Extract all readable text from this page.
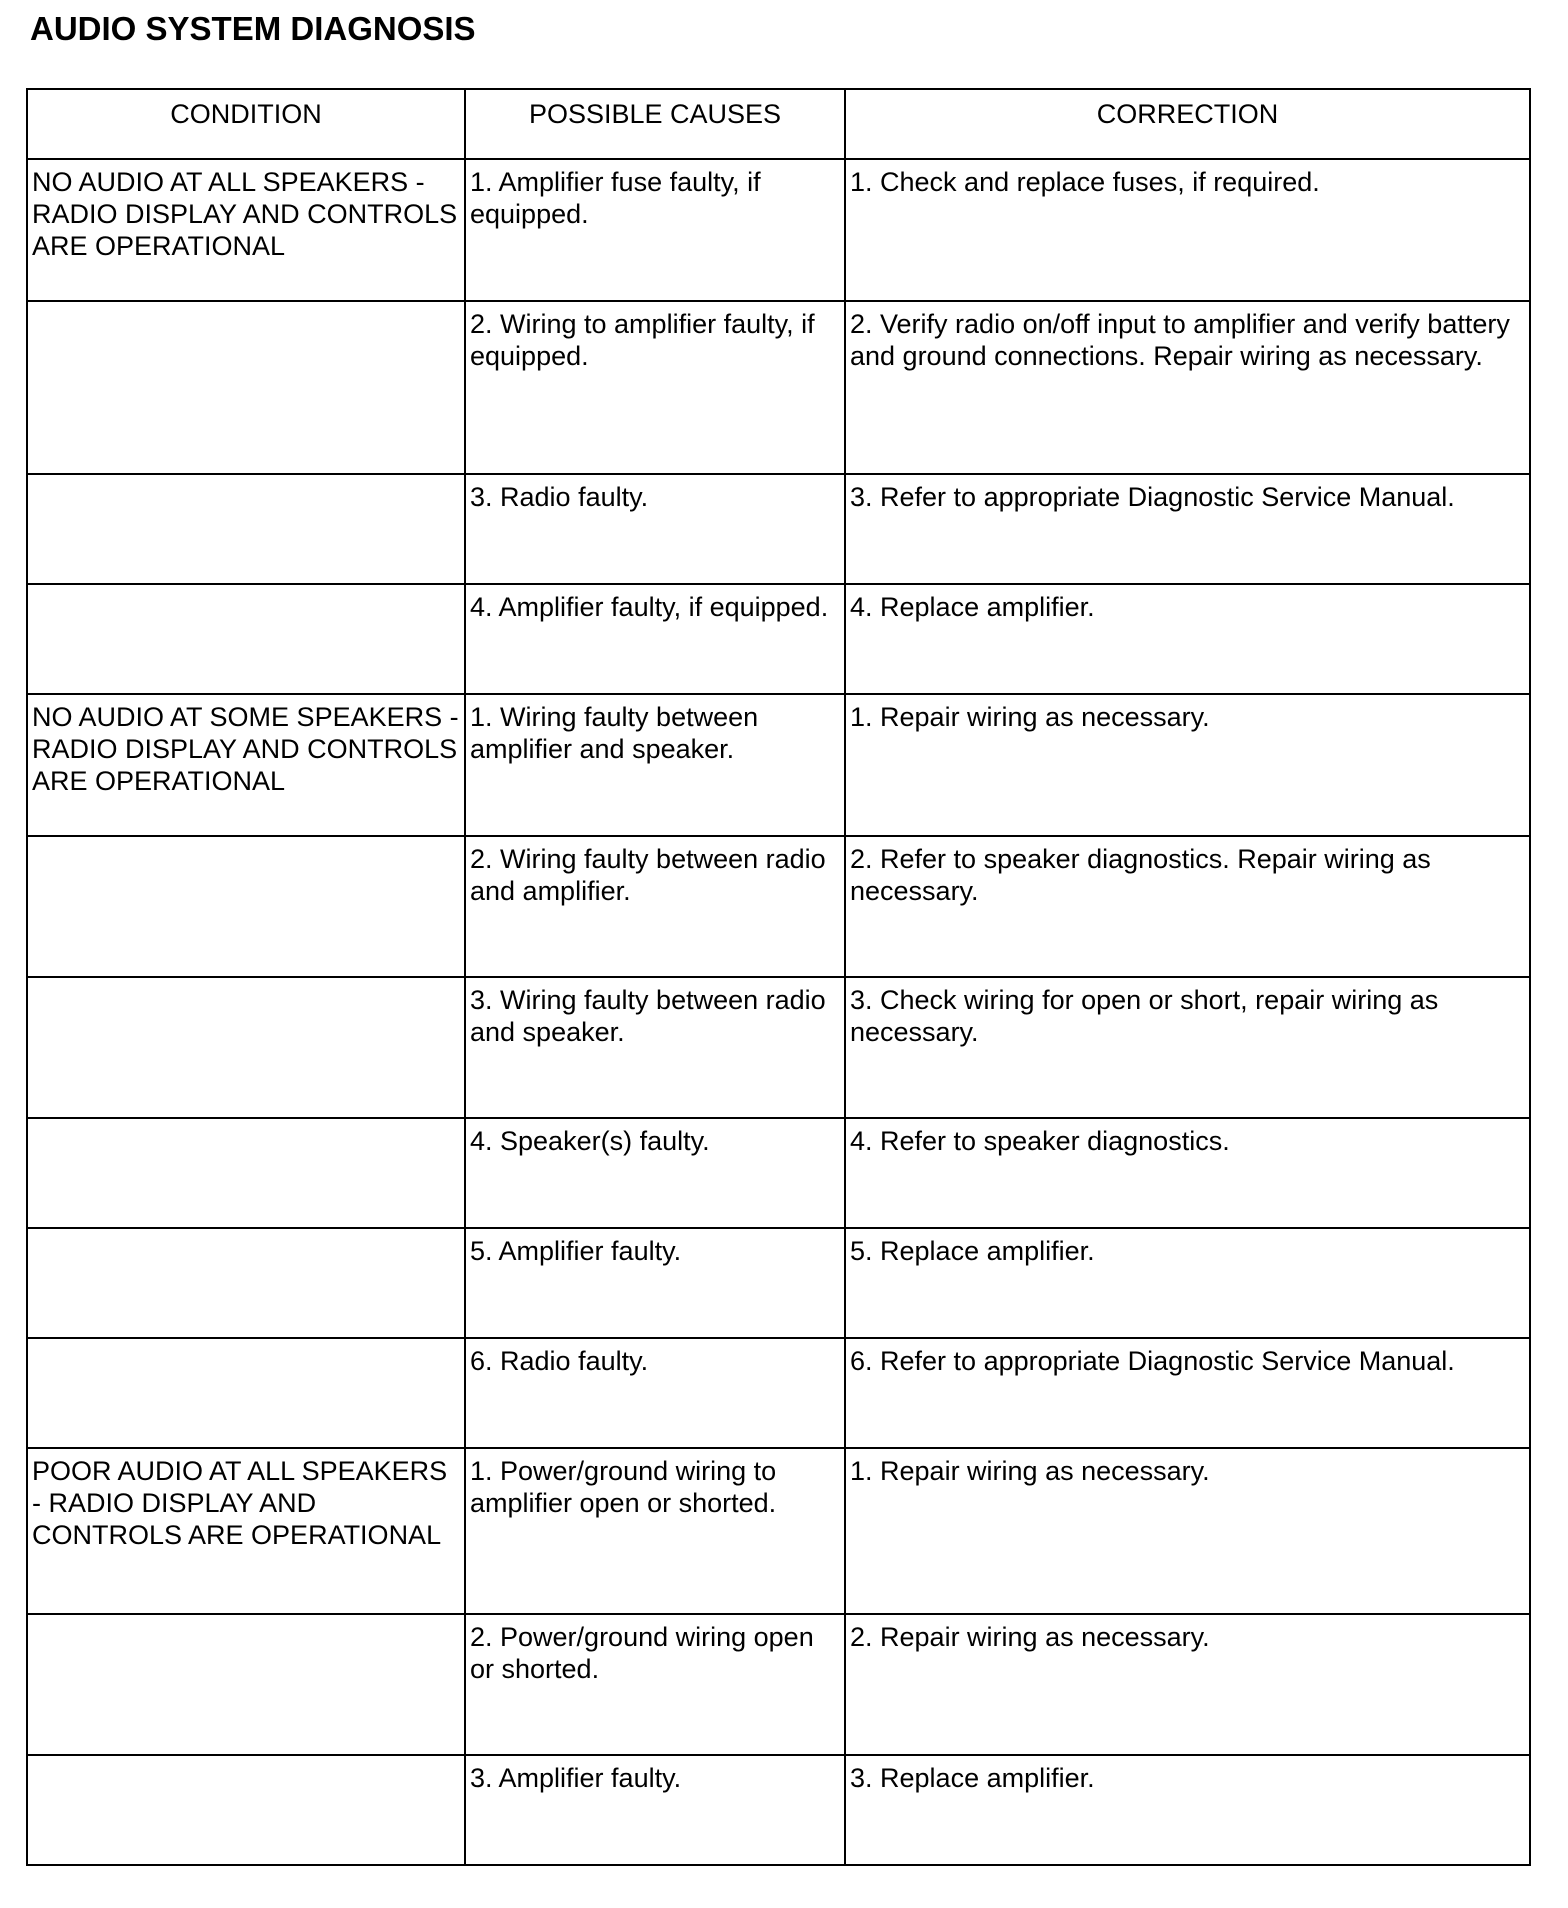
AUDIO SYSTEM DIAGNOSIS
CONDITION	POSSIBLE CAUSES	CORRECTION
NO AUDIO AT ALL SPEAKERS - RADIO DISPLAY AND CONTROLS ARE OPERATIONAL	1. Amplifier fuse faulty, if equipped.	1. Check and replace fuses, if required.
	2. Wiring to amplifier faulty, if equipped.	2. Verify radio on/off input to amplifier and verify battery and ground connections. Repair wiring as necessary.
	3. Radio faulty.	3. Refer to appropriate Diagnostic Service Manual.
	4. Amplifier faulty, if equipped.	4. Replace amplifier.
NO AUDIO AT SOME SPEAKERS - RADIO DISPLAY AND CONTROLS ARE OPERATIONAL	1. Wiring faulty between amplifier and speaker.	1. Repair wiring as necessary.
	2. Wiring faulty between radio and amplifier.	2. Refer to speaker diagnostics. Repair wiring as necessary.
	3. Wiring faulty between radio and speaker.	3. Check wiring for open or short, repair wiring as necessary.
	4. Speaker(s) faulty.	4. Refer to speaker diagnostics.
	5. Amplifier faulty.	5. Replace amplifier.
	6. Radio faulty.	6. Refer to appropriate Diagnostic Service Manual.
POOR AUDIO AT ALL SPEAKERS - RADIO DISPLAY AND CONTROLS ARE OPERATIONAL	1. Power/ground wiring to amplifier open or shorted.	1. Repair wiring as necessary.
	2. Power/ground wiring open or shorted.	2. Repair wiring as necessary.
	3. Amplifier faulty.	3. Replace amplifier.
